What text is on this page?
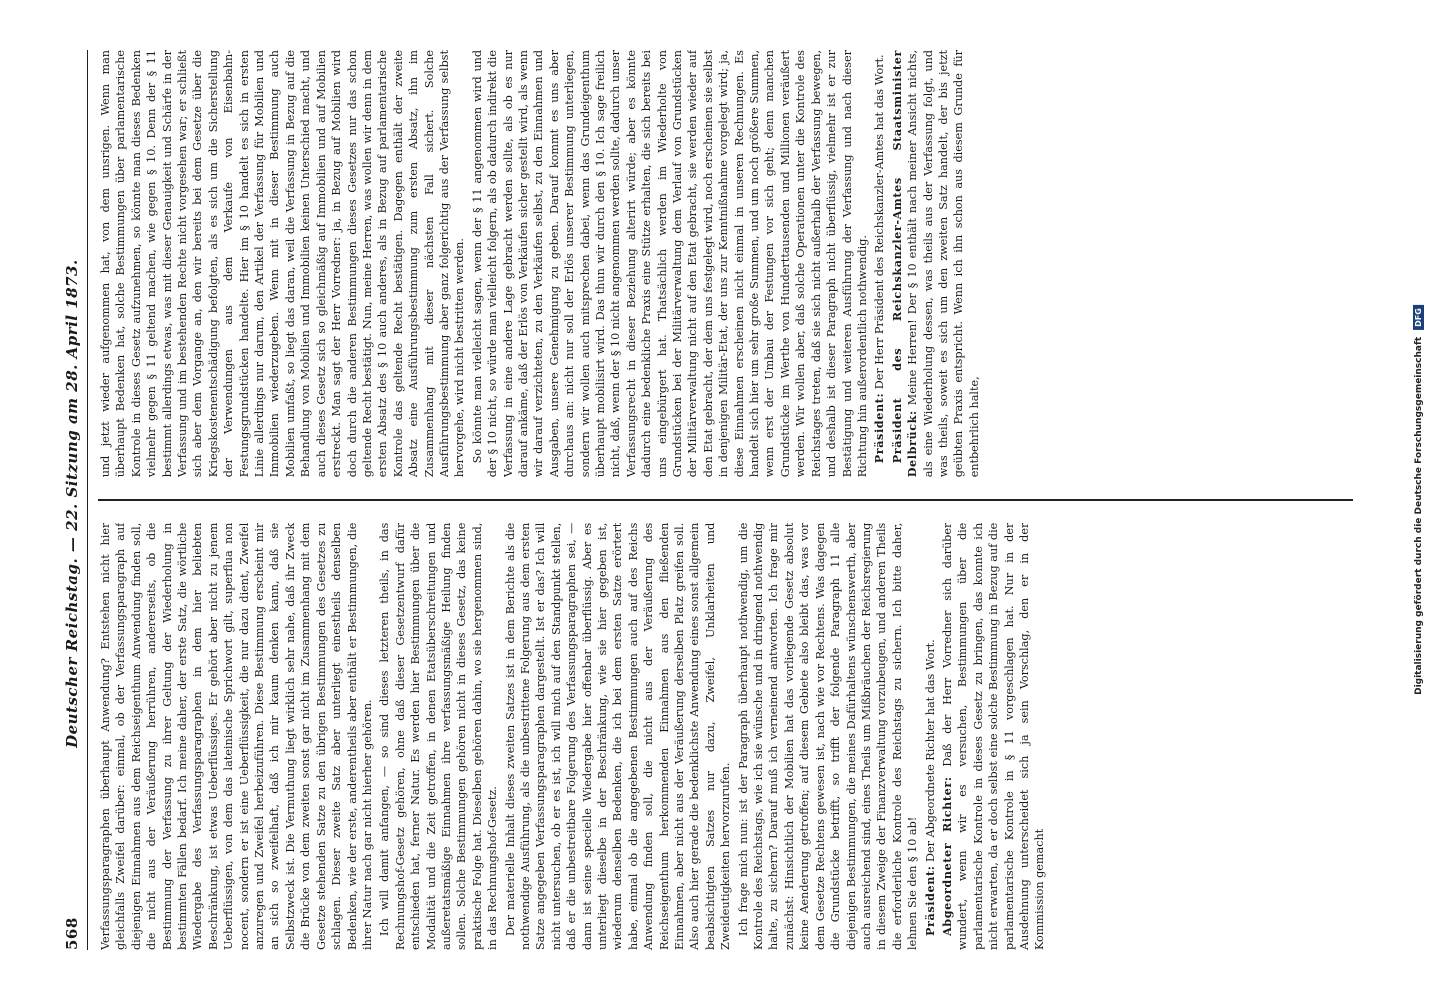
568
Deutscher Reichstag. — 22. Sitzung am 28. April 1873. Verfassungsparagraphen überhaupt Anwendung? Entstehen nicht hier gleichfalls Zweifel darüber: einmal, ob der Verfassungsparagraph auf diejenigen Einnahmen aus dem Reichseigenthum Anwendung finden soll, die nicht aus der Veräußerung herrühren, andererseits, ob die Bestimmung der Verfassung zu ihrer Geltung der Wiederholung in bestimmten Fällen bedarf. Ich meine daher, der erste Satz, die wörtliche Wiedergabe des Verfassungsparagraphen in dem hier beliebten Beschränkung, ist etwas Ueberflüssiges. Er gehört aber nicht zu jenem Ueberflüssigen, von dem das lateinische Sprichwort gilt, superflua non nocent, sondern er ist eine Ueberflüssigkeit, die nur dazu dient, Zweifel anzuregen und Zweifel herbeizuführen. Diese Bestimmung erscheint mir an sich so zweifelhaft, daß ich mir kaum denken kann, daß sie Selbstzweck ist. Die Vermuthung liegt wirklich sehr nahe, daß ihr Zweck die Brücke von dem zweiten sonst gar nicht im Zusammenhang mit dem Gesetze stehenden Satze zu den übrigen Bestimmungen des Gesetzes zu schlagen. Dieser zweite Satz aber unterliegt einestheils denselben Bedenken, wie der erste, anderentheils aber enthält er Bestimmungen, die ihrer Natur nach gar nicht hierher gehören. Ich will damit anfangen, — so sind dieses letzteren theils, in das Rechnungshof-Gesetz gehören, ohne daß dieser Gesetzentwurf dafür entschieden hat, ferner Natur. Es werden hier Bestimmungen über die Modalität und die Zeit getroffen, in denen Etatsüberschreitungen und außeretatsmäßige Einnahmen ihre verfassungsmäßige Heilung finden sollen. Solche Bestimmungen gehören nicht in dieses Gesetz, das keine praktische Folge hat. Dieselben gehören dahin, wo sie hergenommen sind, in das Rechnungshof-Gesetz. Der materielle Inhalt dieses zweiten Satzes ist in dem Berichte als die nothwendige Ausführung, als die unbestrittene Folgerung aus dem ersten Satze angegeben Verfassungsparagraphen dargestellt. Ist er das? Ich will nicht untersuchen, ob er es ist, ich will mich auf den Standpunkt stellen, daß er die unbestreitbare Folgerung des Verfassungsparagraphen sei, — dann ist seine specielle Wiedergabe hier offenbar überflüssig. Aber es unterliegt dieselbe in der Beschränkung, wie sie hier gegeben ist, wiederum denselben Bedenken, die ich bei dem ersten Satze erörtert habe, einmal ob die angegebenen Bestimmungen auch auf des Reichs Anwendung finden soll, die nicht aus der Veräußerung des Reichseigenthum herkommenden Einnahmen aus den fließenden Einnahmen, aber nicht aus der Veräußerung derselben Platz greifen soll. Also auch hier gerade die bedenklichste Anwendung eines sonst allgemein beabsichtigten Satzes nur dazu, Zweifel, Unklarheiten und Zweideutigkeiten hervorzurufen. Ich frage mich nun: ist der Paragraph überhaupt nothwendig, um die Kontrole des Reichstags, wie ich sie wünsche und in dringend nothwendig halte, zu sichern? Darauf muß ich verneinend antworten. Ich frage mir zunächst: Hinsichtlich der Mobilien hat das vorliegende Gesetz absolut keine Aenderung getroffen; auf diesem Gebiete also bleibt das, was vor dem Gesetze Rechtens gewesen ist, nach wie vor Rechtens. Was dagegen die Grundstücke betrifft, so trifft der folgende Paragraph 11 alle diejenigen Bestimmungen, die meines Dafürhaltens wünschenswerth, aber auch ausreichend sind, eines Theils um Mißbräuchen der Reichsregierung in diesem Zweige der Finanzverwaltung vorzubeugen, und anderen Theils die erforderliche Kontrole des Reichstags zu sichern. Ich bitte daher, lehnen Sie den § 10 ab! Präsident: Der Abgeordnete Richter hat das Wort. Abgeordneter Richter: Daß der Herr Vorredner sich darüber wundert, wenn wir es versuchen, Bestimmungen über die parlamentarische Kontrole in dieses Gesetz zu bringen, das konnte ich nicht erwarten, da er doch selbst eine solche Bestimmung in Bezug auf die parlamentarische Kontrole in § 11 vorgeschlagen hat. Nur in der Ausdehnung unterscheidet sich ja sein Vorschlag, den er in der Kommission gemacht

und jetzt wieder aufgenommen hat, von dem unsrigen. Wenn man überhaupt Bedenken hat, solche Bestimmungen über parlamentarische Kontrole in dieses Gesetz aufzunehmen, so könnte man dieses Bedenken vielmehr gegen § 11 geltend machen, wie gegen § 10. Denn der § 11 bestimmt allerdings etwas, was mit dieser Genauigkeit und Schärfe in der Verfassung und im bestehenden Rechte nicht vorgesehen war; er schließt sich aber dem Vorgange an, den wir bereits bei dem Gesetze über die Kriegskostenentschädigung befolgten, als es sich um die Sicherstellung der Verwendungen aus dem Verkaufe von Eisenbahn-Festungsgrundstücken handelte. Hier im § 10 handelt es sich in ersten Linie allerdings nur darum, den Artikel der Verfassung für Mobilien und Immobilien wiederzugeben. Wenn mit in dieser Bestimmung auch Mobilien umfaßt, so liegt das daran, weil die Verfassung in Bezug auf die Behandlung von Mobilien und Immobilien keinen Unterschied macht, und auch dieses Gesetz sich so gleichmäßig auf Immobilien und auf Mobilien erstreckt. Man sagt der Herr Vorredner: ja, in Bezug auf Mobilien wird doch durch die anderen Bestimmungen dieses Gesetzes nur das schon geltende Recht bestätigt. Nun, meine Herren, was wollen wir denn in dem ersten Absatz des § 10 auch anderes, als in Bezug auf parlamentarische Kontrole das geltende Recht bestätigen. Dagegen enthält der zweite Absatz eine Ausführungsbestimmung zum ersten Absatz, ihn im Zusammenhang mit dieser nächsten Fall sichert. Solche Ausführungsbestimmung aber ganz folgerichtig aus der Verfassung selbst hervorgehe, wird nicht bestritten werden. So könnte man vielleicht sagen, wenn der § 11 angenommen wird und der § 10 nicht, so würde man vielleicht folgern, als ob dadurch indirekt die Verfassung in eine andere Lage gebracht werden sollte, als ob es nur darauf ankäme, daß der Erlös von Verkäufen sicher gestellt wird, als wenn wir darauf verzichteten, zu den Verkäufen selbst, zu den Einnahmen und Ausgaben, unsere Genehmigung zu geben. Darauf kommt es uns aber durchaus an: nicht nur soll der Erlös unserer Bestimmung unterliegen, sondern wir wollen auch mitsprechen dabei, wenn das Grundeigenthum überhaupt mobilisirt wird. Das thun wir durch den § 10. Ich sage freilich nicht, daß, wenn der § 10 nicht angenommen werden sollte, dadurch unser Verfassungsrecht in dieser Beziehung alterirt würde; aber es könnte dadurch eine bedenkliche Praxis eine Stütze erhalten, die sich bereits bei uns eingebürgert hat. Thatsächlich werden im Wiederholte von Grundstücken bei der Militärverwaltung dem Verlauf von Grundstücken der Militärverwaltung nicht auf den Etat gebracht, sie werden wieder auf den Etat gebracht, der dem uns festgelegt wird, noch erscheinen sie selbst in denjenigen Militär-Etat, der uns zur Kenntnißnahme vorgelegt wird; ja, diese Einnahmen erscheinen nicht einmal in unseren Rechnungen. Es handelt sich hier um sehr große Summen, und um noch größere Summen, wenn erst der Umbau der Festungen vor sich geht; denn manchen Grundstücke im Werthe von Hunderttausenden und Millionen veräußert werden. Wir wollen aber, daß solche Operationen unter die Kontrole des Reichstages treten, daß sie sich nicht außerhalb der Verfassung bewegen, und deshalb ist dieser Paragraph nicht überflüssig, vielmehr ist er zur Bestätigung und weiteren Ausführung der Verfassung und nach dieser Richtung hin außerordentlich nothwendig. Präsident: Der Herr Präsident des Reichskanzler-Amtes hat das Wort. Präsident des Reichskanzler-Amtes Staatsminister Delbrück: Meine Herren! Der § 10 enthält nach meiner Ansicht nichts, als eine Wiederholung dessen, was theils aus der Verfassung folgt, und was theils, soweit es sich um den zweiten Satz handelt, der bis jetzt geübten Praxis entspricht. Wenn ich ihn schon aus diesem Grunde für entbehrlich halte,	Digitalisierung gefördert durch die Deutsche Forschungsgemeinschaft DFG
